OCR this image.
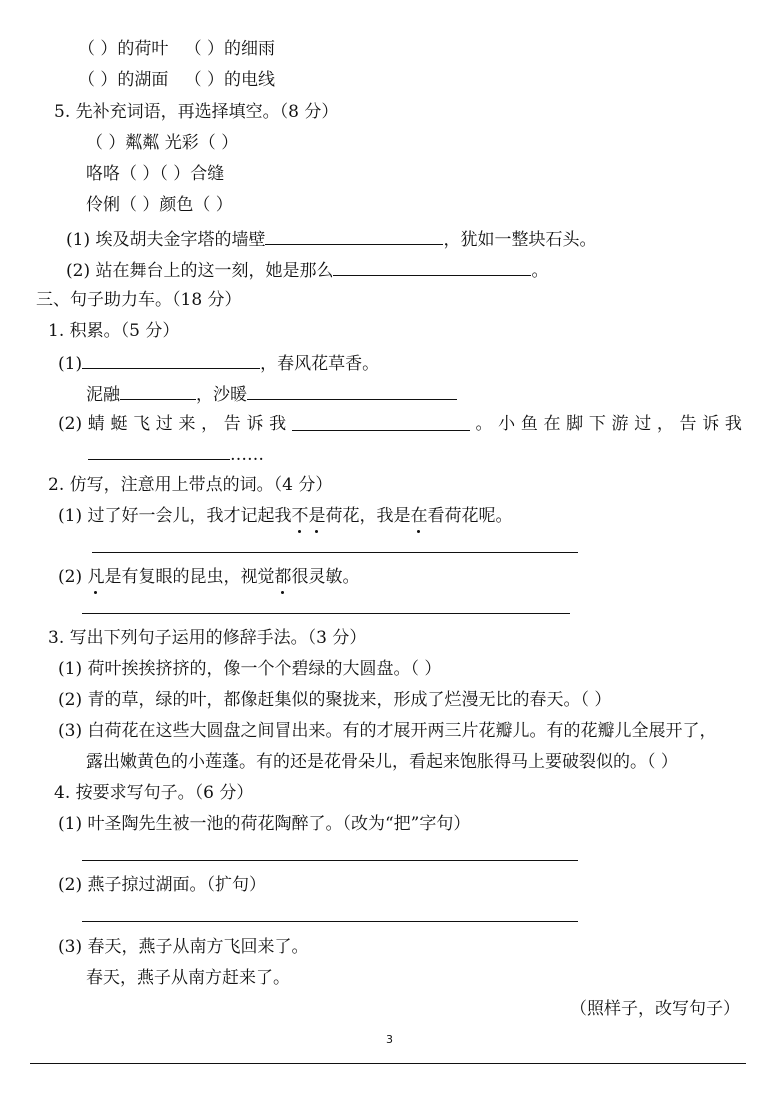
（ ）的荷叶 （ ）的细雨
（ ）的湖面 （ ）的电线
5. 先补充词语，再选择填空。（8 分）
（ ）粼粼 光彩（ ）
咯咯（ ）（ ）合缝
伶俐（ ）颜色（ ）
(1) 埃及胡夫金字塔的墙壁	，犹如一整块石头。
(2) 站在舞台上的这一刻，她是那么	。
三、句子助力车。（18 分）
1. 积累。（5 分）
(1)	，春风花草香。
泥融	，沙暖
(2) 蜻 蜓 飞 过 来 ， 告 诉 我	。 小 鱼 在 脚 下 游 过 ， 告 诉 我
……
2. 仿写，注意用上带点的词。（4 分）
(1) 过了好一会儿，我才记起我不是荷花，我是在看荷花呢。
(2) 凡是有复眼的昆虫，视觉都很灵敏。
3. 写出下列句子运用的修辞手法。（3 分）
(1) 荷叶挨挨挤挤的，像一个个碧绿的大圆盘。（ ）
(2) 青的草，绿的叶，都像赶集似的聚拢来，形成了烂漫无比的春天。（ ）
(3) 白荷花在这些大圆盘之间冒出来。有的才展开两三片花瓣儿。有的花瓣儿全展开了，
露出嫩黄色的小莲蓬。有的还是花骨朵儿，看起来饱胀得马上要破裂似的。（ ）
4. 按要求写句子。（6 分）
(1) 叶圣陶先生被一池的荷花陶醉了。（改为“把”字句）
(2) 燕子掠过湖面。（扩句）
(3) 春天，燕子从南方飞回来了。
春天，燕子从南方赶来了。
（照样子，改写句子）
3
